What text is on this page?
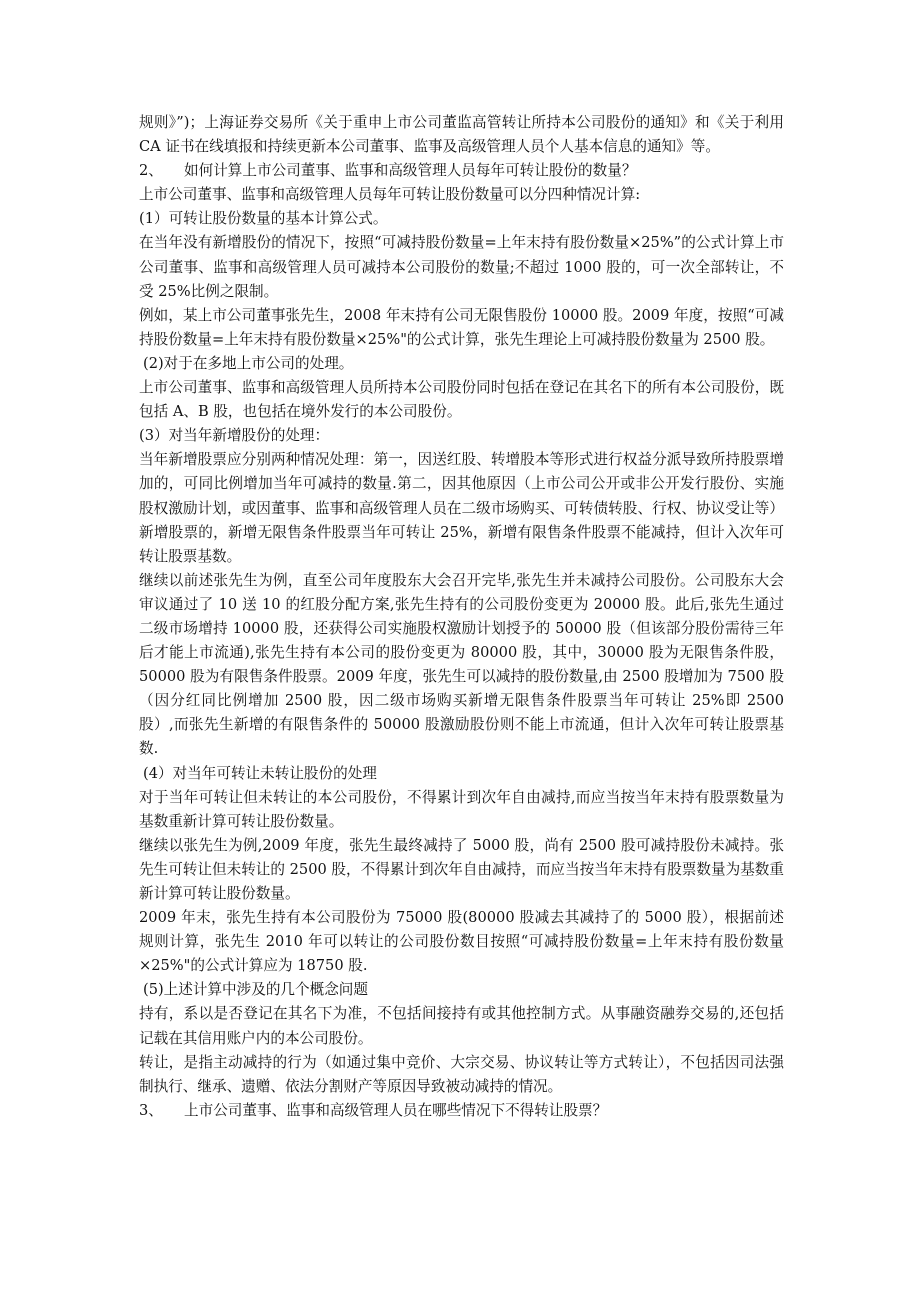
规则》”)；上海证券交易所《关于重申上市公司董监高管转让所持本公司股份的通知》和《关于利用 CA 证书在线填报和持续更新本公司董事、监事及高级管理人员个人基本信息的通知》等。

2、 如何计算上市公司董事、监事和高级管理人员每年可转让股份的数量？

上市公司董事、监事和高级管理人员每年可转让股份数量可以分四种情况计算:

(1）可转让股份数量的基本计算公式。

在当年没有新增股份的情况下，按照“可减持股份数量=上年末持有股份数量×25%”的公式计算上市公司董事、监事和高级管理人员可减持本公司股份的数量;不超过 1000 股的，可一次全部转让，不受 25%比例之限制。

例如，某上市公司董事张先生，2008 年末持有公司无限售股份 10000 股。2009 年度，按照“可减持股份数量=上年末持有股份数量×25%"的公式计算，张先生理论上可减持股份数量为 2500 股。

(2)对于在多地上市公司的处理。

上市公司董事、监事和高级管理人员所持本公司股份同时包括在登记在其名下的所有本公司股份，既包括 A、B 股，也包括在境外发行的本公司股份。

(3）对当年新增股份的处理：

当年新增股票应分别两种情况处理：第一，因送红股、转增股本等形式进行权益分派导致所持股票增加的，可同比例增加当年可减持的数量.第二，因其他原因（上市公司公开或非公开发行股份、实施股权激励计划，或因董事、监事和高级管理人员在二级市场购买、可转债转股、行权、协议受让等）新增股票的，新增无限售条件股票当年可转让 25%，新增有限售条件股票不能减持，但计入次年可转让股票基数。

继续以前述张先生为例，直至公司年度股东大会召开完毕,张先生并未减持公司股份。公司股东大会审议通过了 10 送 10 的红股分配方案,张先生持有的公司股份变更为 20000 股。此后,张先生通过二级市场增持 10000 股，还获得公司实施股权激励计划授予的 50000 股（但该部分股份需待三年后才能上市流通),张先生持有本公司的股份变更为 80000 股，其中，30000 股为无限售条件股，50000 股为有限售条件股票。2009 年度，张先生可以减持的股份数量,由 2500 股增加为 7500 股（因分红同比例增加 2500 股，因二级市场购买新增无限售条件股票当年可转让 25%即 2500 股）,而张先生新增的有限售条件的 50000 股激励股份则不能上市流通，但计入次年可转让股票基数.

(4）对当年可转让未转让股份的处理

对于当年可转让但未转让的本公司股份，不得累计到次年自由减持,而应当按当年末持有股票数量为基数重新计算可转让股份数量。

继续以张先生为例,2009 年度，张先生最终减持了 5000 股，尚有 2500 股可减持股份未减持。张先生可转让但未转让的 2500 股，不得累计到次年自由减持，而应当按当年末持有股票数量为基数重新计算可转让股份数量。

2009 年末，张先生持有本公司股份为 75000 股(80000 股减去其减持了的 5000 股），根据前述规则计算，张先生 2010 年可以转让的公司股份数目按照“可减持股份数量=上年末持有股份数量×25%"的公式计算应为 18750 股.

(5)上述计算中涉及的几个概念问题

持有，系以是否登记在其名下为准，不包括间接持有或其他控制方式。从事融资融券交易的,还包括记载在其信用账户内的本公司股份。

转让，是指主动减持的行为（如通过集中竞价、大宗交易、协议转让等方式转让），不包括因司法强制执行、继承、遗赠、依法分割财产等原因导致被动减持的情况。

3、 上市公司董事、监事和高级管理人员在哪些情况下不得转让股票？
